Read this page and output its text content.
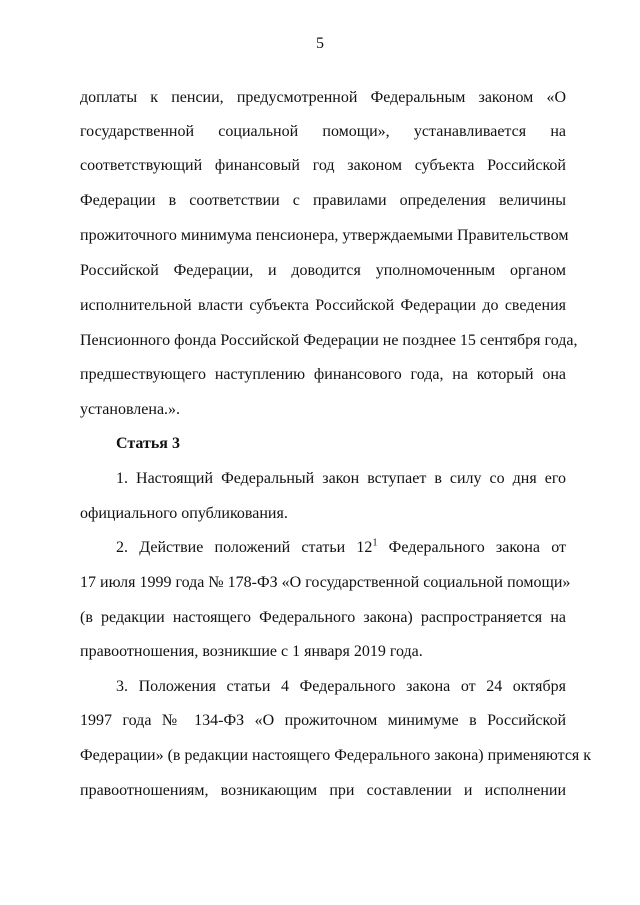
5
доплаты к пенсии, предусмотренной Федеральным законом «О
государственной социальной помощи», устанавливается на
соответствующий финансовый год законом субъекта Российской
Федерации в соответствии с правилами определения величины
прожиточного минимума пенсионера, утверждаемыми Правительством
Российской Федерации, и доводится уполномоченным органом
исполнительной власти субъекта Российской Федерации до сведения
Пенсионного фонда Российской Федерации не позднее 15 сентября года,
предшествующего наступлению финансового года, на который она
установлена.».
Статья 3
1. Настоящий Федеральный закон вступает в силу со дня его
официального опубликования.
2. Действие положений статьи $12^1$ Федерального закона от
17 июля 1999 года № 178-ФЗ «О государственной социальной помощи»
(в редакции настоящего Федерального закона) распространяется на
правоотношения, возникшие с 1 января 2019 года.
3. Положения статьи 4 Федерального закона от 24 октября
1997 года № 134-ФЗ «О прожиточном минимуме в Российской
Федерации» (в редакции настоящего Федерального закона) применяются к
правоотношениям, возникающим при составлении и исполнении
